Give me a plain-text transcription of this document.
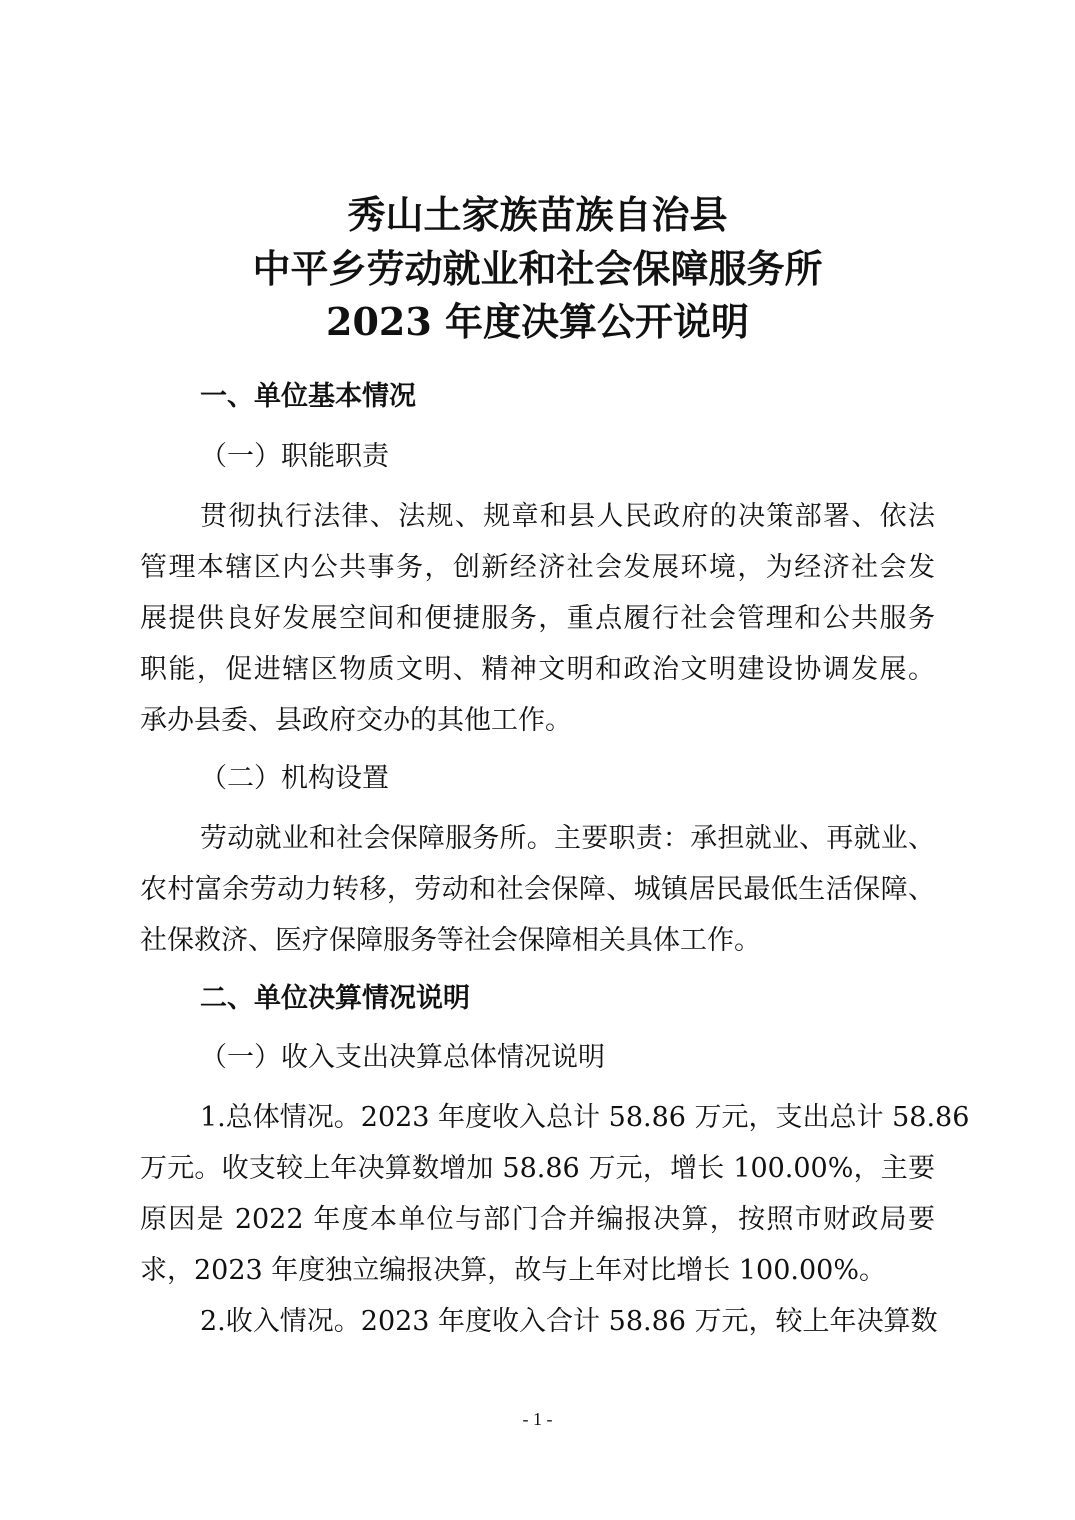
秀山土家族苗族自治县
中平乡劳动就业和社会保障服务所
2023 年度决算公开说明
一、单位基本情况
（一）职能职责
贯彻执行法律、法规、规章和县人民政府的决策部署、依法
管理本辖区内公共事务，创新经济社会发展环境，为经济社会发
展提供良好发展空间和便捷服务，重点履行社会管理和公共服务
职能，促进辖区物质文明、精神文明和政治文明建设协调发展。
承办县委、县政府交办的其他工作。
（二）机构设置
劳动就业和社会保障服务所。主要职责：承担就业、再就业、
农村富余劳动力转移，劳动和社会保障、城镇居民最低生活保障、
社保救济、医疗保障服务等社会保障相关具体工作。
二、单位决算情况说明
（一）收入支出决算总体情况说明
1.总体情况。2023 年度收入总计 58.86 万元，支出总计 58.86
万元。收支较上年决算数增加 58.86 万元，增长 100.00%，主要
原因是 2022 年度本单位与部门合并编报决算，按照市财政局要
求，2023 年度独立编报决算，故与上年对比增长 100.00%。
2.收入情况。2023 年度收入合计 58.86 万元，较上年决算数
- 1 -
